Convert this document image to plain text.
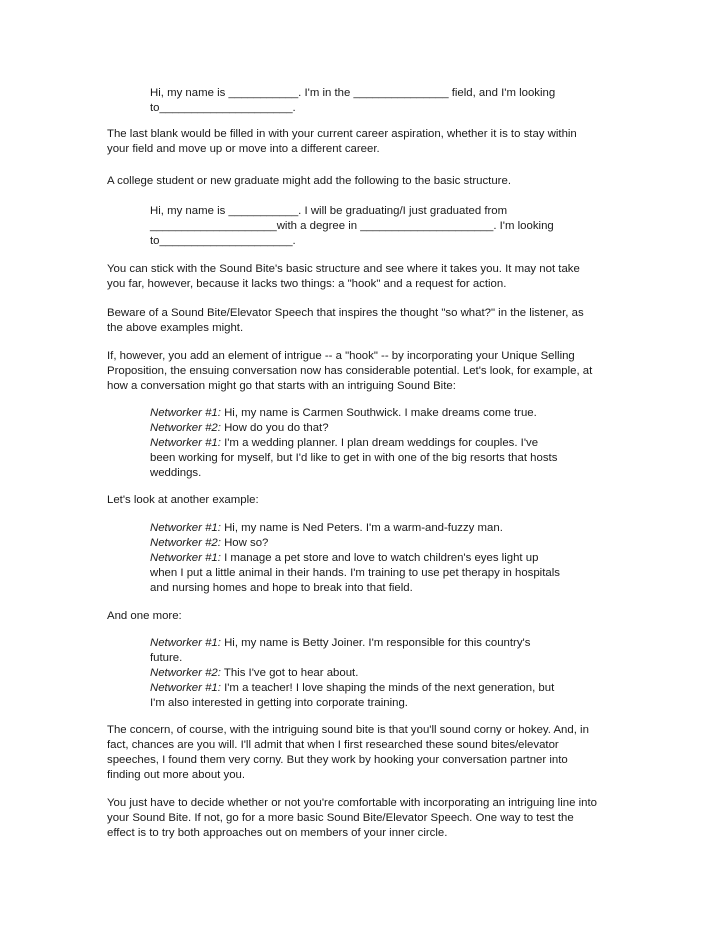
Hi, my name is ___________. I'm in the _______________ field, and I'm looking
to_____________________.
The last blank would be filled in with your current career aspiration, whether it is to stay within
your field and move up or move into a different career.
A college student or new graduate might add the following to the basic structure.
Hi, my name is ___________. I will be graduating/I just graduated from
____________________with a degree in _____________________. I'm looking
to_____________________.
You can stick with the Sound Bite's basic structure and see where it takes you. It may not take
you far, however, because it lacks two things: a "hook" and a request for action.
Beware of a Sound Bite/Elevator Speech that inspires the thought "so what?" in the listener, as
the above examples might.
If, however, you add an element of intrigue -- a "hook" -- by incorporating your Unique Selling
Proposition, the ensuing conversation now has considerable potential. Let's look, for example, at
how a conversation might go that starts with an intriguing Sound Bite:
Networker #1: Hi, my name is Carmen Southwick. I make dreams come true.
Networker #2: How do you do that?
Networker #1: I'm a wedding planner. I plan dream weddings for couples. I've
been working for myself, but I'd like to get in with one of the big resorts that hosts
weddings.
Let's look at another example:
Networker #1: Hi, my name is Ned Peters. I'm a warm-and-fuzzy man.
Networker #2: How so?
Networker #1: I manage a pet store and love to watch children's eyes light up
when I put a little animal in their hands. I'm training to use pet therapy in hospitals
and nursing homes and hope to break into that field.
And one more:
Networker #1: Hi, my name is Betty Joiner. I'm responsible for this country's
future.
Networker #2: This I've got to hear about.
Networker #1: I'm a teacher! I love shaping the minds of the next generation, but
I'm also interested in getting into corporate training.
The concern, of course, with the intriguing sound bite is that you'll sound corny or hokey. And, in
fact, chances are you will. I'll admit that when I first researched these sound bites/elevator
speeches, I found them very corny. But they work by hooking your conversation partner into
finding out more about you.
You just have to decide whether or not you're comfortable with incorporating an intriguing line into
your Sound Bite. If not, go for a more basic Sound Bite/Elevator Speech. One way to test the
effect is to try both approaches out on members of your inner circle.
